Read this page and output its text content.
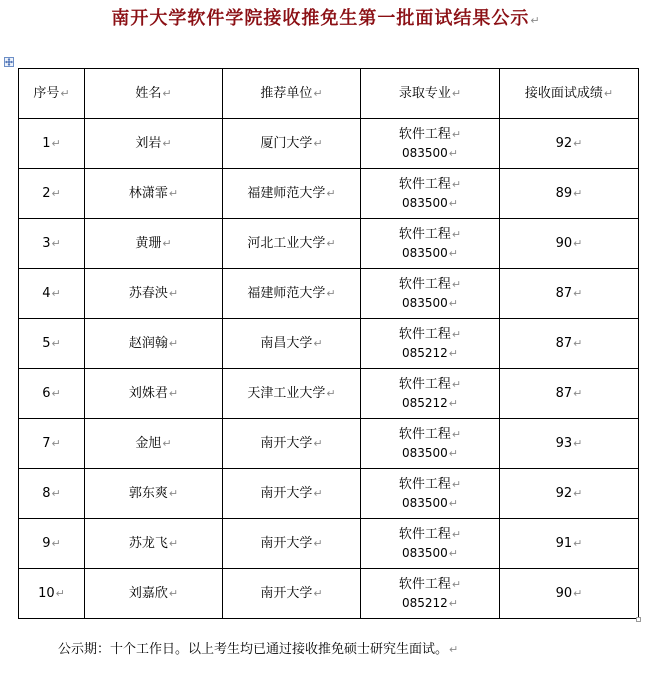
南开大学软件学院接收推免生第一批面试结果公示↵
序号↵	姓名↵	推荐单位↵	录取专业↵	接收面试成绩↵
1↵	刘岩↵	厦门大学↵	软件工程↵
083500↵	92↵
2↵	林潇霏↵	福建师范大学↵	软件工程↵
083500↵	89↵
3↵	黄珊↵	河北工业大学↵	软件工程↵
083500↵	90↵
4↵	苏春泱↵	福建师范大学↵	软件工程↵
083500↵	87↵
5↵	赵润翰↵	南昌大学↵	软件工程↵
085212↵	87↵
6↵	刘姝君↵	天津工业大学↵	软件工程↵
085212↵	87↵
7↵	金旭↵	南开大学↵	软件工程↵
083500↵	93↵
8↵	郭东爽↵	南开大学↵	软件工程↵
083500↵	92↵
9↵	苏龙飞↵	南开大学↵	软件工程↵
083500↵	91↵
10↵	刘嘉欣↵	南开大学↵	软件工程↵
085212↵	90↵
公示期：十个工作日。以上考生均已通过接收推免硕士研究生面试。↵
